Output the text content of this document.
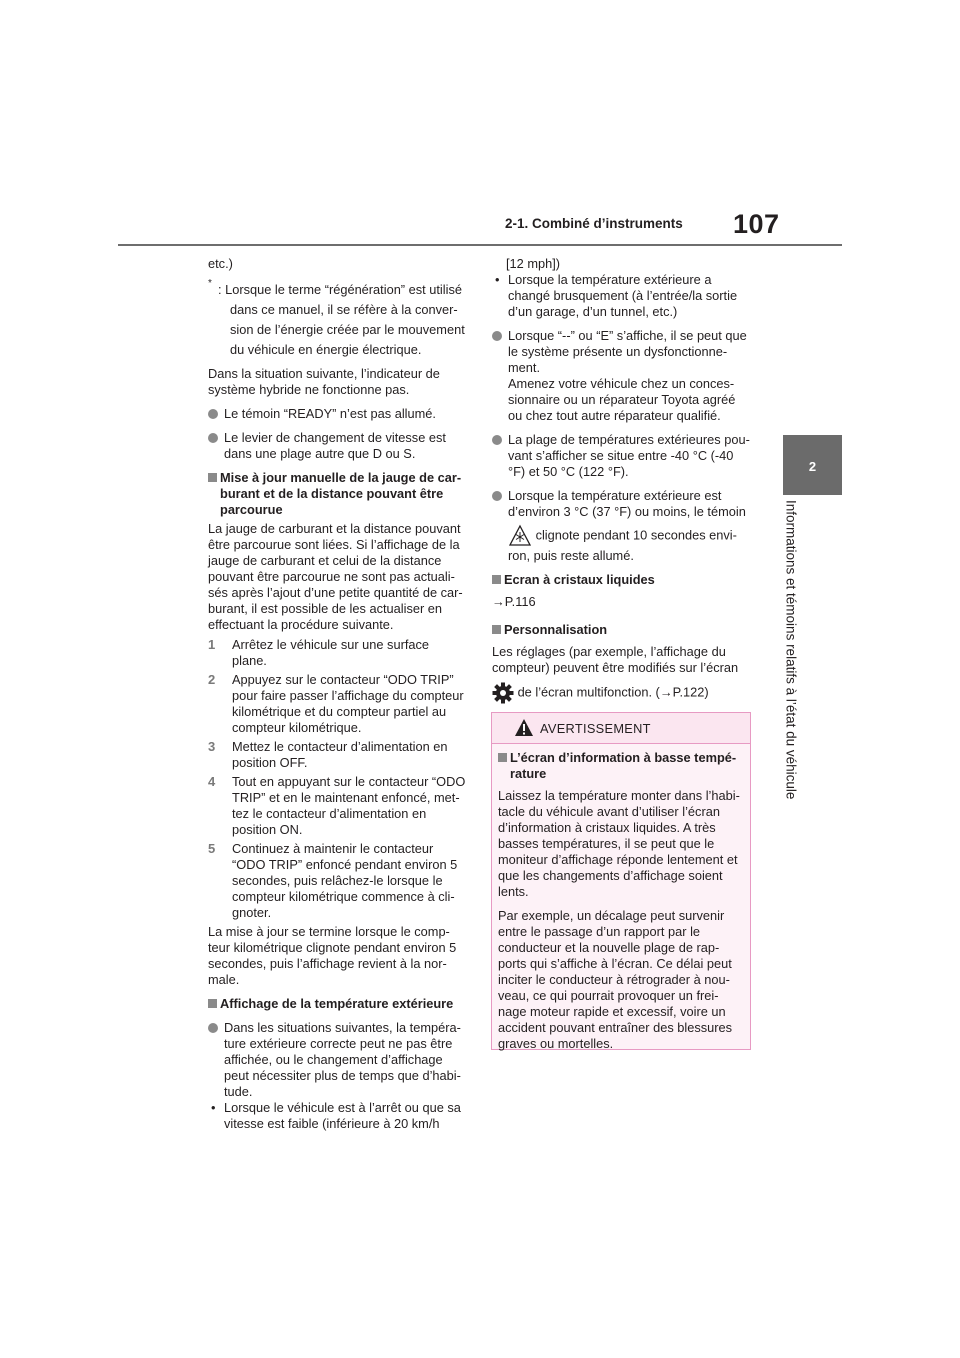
2-1. Combiné d’instruments 107
2
Informations et témoins relatifs à l’état du véhicule

etc.)

* : Lorsque le terme “régénération” est utilisé
dans ce manuel, il se réfère à la conver-
sion de l’énergie créée par le mouvement
du véhicule en énergie électrique.

Dans la situation suivante, l’indicateur de système hybride ne fonctionne pas.

Le témoin “READY” n’est pas allumé.
Le levier de changement de vitesse est dans une plage autre que D ou S.
Mise à jour manuelle de la jauge de car-burant et de la distance pouvant être parcourue

La jauge de carburant et la distance pouvant être parcourue sont liées. Si l’affichage de la jauge de carburant et celui de la distance pouvant être parcourue ne sont pas actuali-sés après l’ajout d’une petite quantité de car-burant, il est possible de les actualiser en effectuant la procédure suivante.

1 Arrêtez le véhicule sur une surface plane.
2 Appuyez sur le contacteur “ODO TRIP” pour faire passer l’affichage du compteur kilométrique et du compteur partiel au compteur kilométrique.
3 Mettez le contacteur d’alimentation en position OFF.
4 Tout en appuyant sur le contacteur “ODO TRIP” et en le maintenant enfoncé, met-tez le contacteur d’alimentation en position ON.
5 Continuez à maintenir le contacteur “ODO TRIP” enfoncé pendant environ 5 secondes, puis relâchez-le lorsque le compteur kilométrique commence à cli-gnoter.

La mise à jour se termine lorsque le comp-teur kilométrique clignote pendant environ 5 secondes, puis l’affichage revient à la nor-male.

Affichage de la température extérieure
Dans les situations suivantes, la tempéra-ture extérieure correcte peut ne pas être affichée, ou le changement d’affichage peut nécessiter plus de temps que d’habi-tude.
• Lorsque le véhicule est à l’arrêt ou que sa vitesse est faible (inférieure à 20 km/h
[12 mph])
• Lorsque la température extérieure a changé brusquement (à l’entrée/la sortie d’un garage, d’un tunnel, etc.)
Lorsque “--” ou “E” s’affiche, il se peut que le système présente un dysfonctionne-ment.
Amenez votre véhicule chez un conces-sionnaire ou un réparateur Toyota agréé ou chez tout autre réparateur qualifié.
La plage de températures extérieures pou-vant s’afficher se situe entre -40 °C (-40 °F) et 50 °C (122 °F).
Lorsque la température extérieure est d’environ 3 °C (37 °F) ou moins, le témoin
clignote pendant 10 secondes envi-ron, puis reste allumé.
Ecran à cristaux liquides

→P.116

Personnalisation
Les réglages (par exemple, l’affichage du compteur) peuvent être modifiés sur l’écran
de l’écran multifonction. (→P.122)
AVERTISSEMENT
L’écran d’information à basse tempé-rature

Laissez la température monter dans l’habi-tacle du véhicule avant d’utiliser l’écran d’information à cristaux liquides. A très basses températures, il se peut que le moniteur d’affichage réponde lentement et que les changements d’affichage soient lents.

Par exemple, un décalage peut survenir entre le passage d’un rapport par le conducteur et la nouvelle plage de rap-ports qui s’affiche à l’écran. Ce délai peut inciter le conducteur à rétrograder à nou-veau, ce qui pourrait provoquer un frei-nage moteur rapide et excessif, voire un accident pouvant entraîner des blessures graves ou mortelles.
